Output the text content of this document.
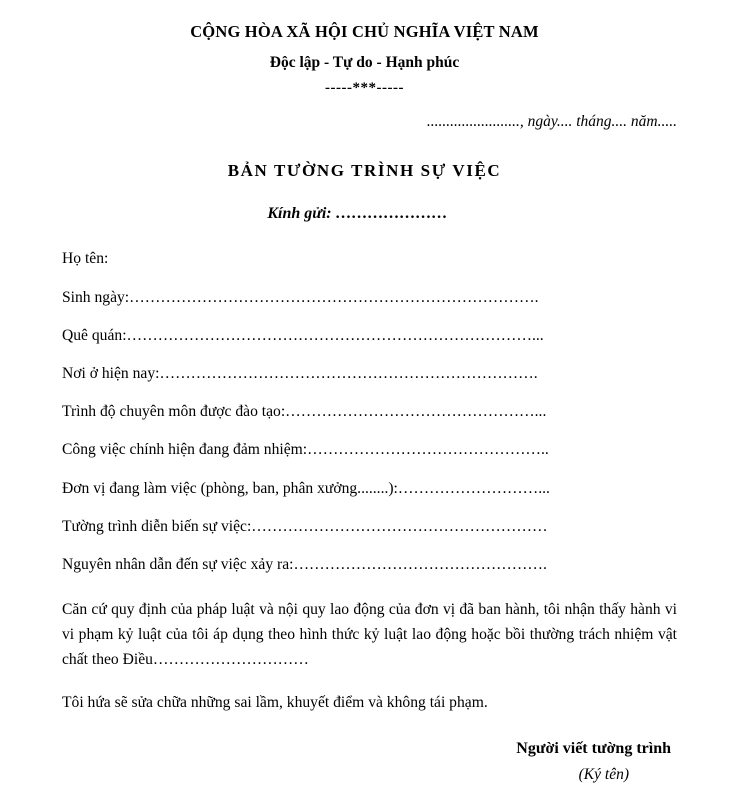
CỘNG HÒA XÃ HỘI CHỦ NGHĨA VIỆT NAM
Độc lập - Tự do - Hạnh phúc
-----***-----
........................, ngày.... tháng.... năm.....
BẢN TƯỜNG TRÌNH SỰ VIỆC
Kính gửi: …………………
Họ tên:
Sinh ngày:…………………………………………………………………….
Quê quán:……………………………………………………………………...
Nơi ở hiện nay:……………………………………………………………….
Trình độ chuyên môn được đào tạo:…………………………………………...
Công việc chính hiện đang đảm nhiệm:………………………………………..
Đơn vị đang làm việc (phòng, ban, phân xưởng........):………………………...
Tường trình diễn biến sự việc:…………………………………………………
Nguyên nhân dẫn đến sự việc xảy ra:………………………………………….

Căn cứ quy định của pháp luật và nội quy lao động của đơn vị đã ban hành, tôi nhận thấy hành vi vi phạm kỷ luật của tôi áp dụng theo hình thức kỷ luật lao động hoặc bồi thường trách nhiệm vật chất theo Điều…………………………

Tôi hứa sẽ sửa chữa những sai lầm, khuyết điểm và không tái phạm.

Người viết tường trình
(Ký tên)
